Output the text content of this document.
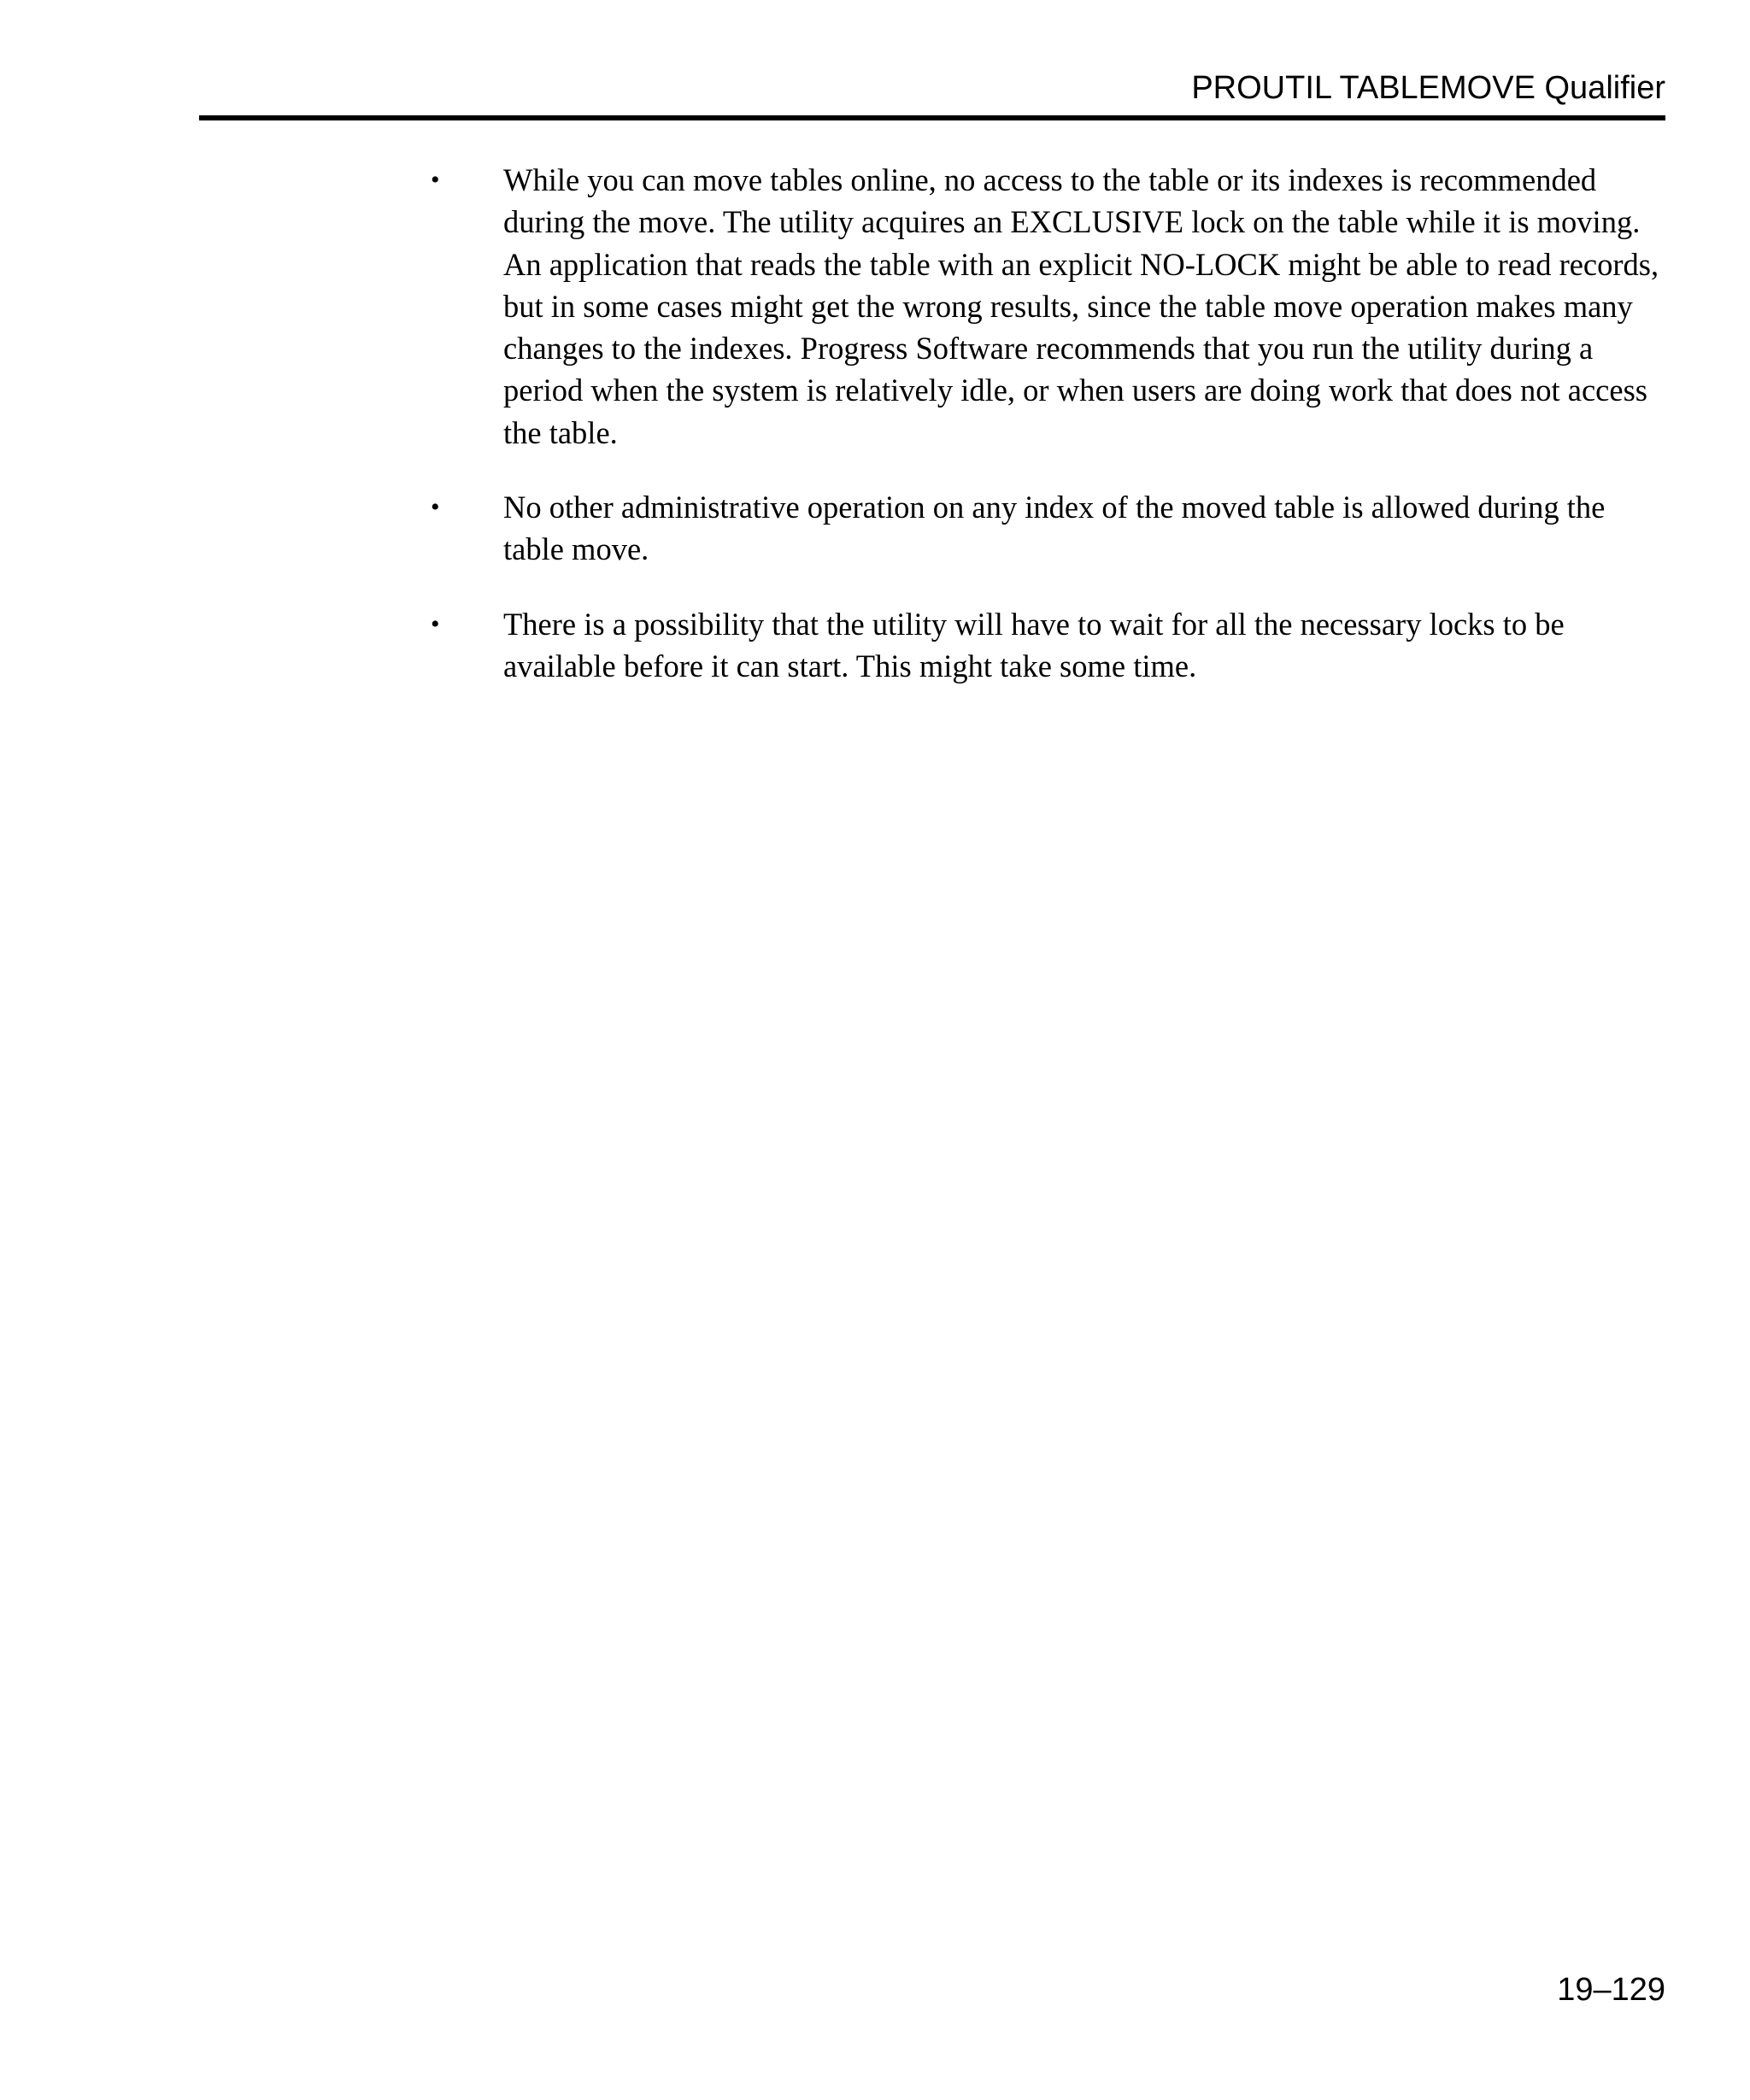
PROUTIL TABLEMOVE Qualifier
• While you can move tables online, no access to the table or its indexes is recommended during the move. The utility acquires an EXCLUSIVE lock on the table while it is moving. An application that reads the table with an explicit NO-LOCK might be able to read records, but in some cases might get the wrong results, since the table move operation makes many changes to the indexes. Progress Software recommends that you run the utility during a period when the system is relatively idle, or when users are doing work that does not access the table.
• No other administrative operation on any index of the moved table is allowed during the table move.
• There is a possibility that the utility will have to wait for all the necessary locks to be available before it can start. This might take some time.
19–129
